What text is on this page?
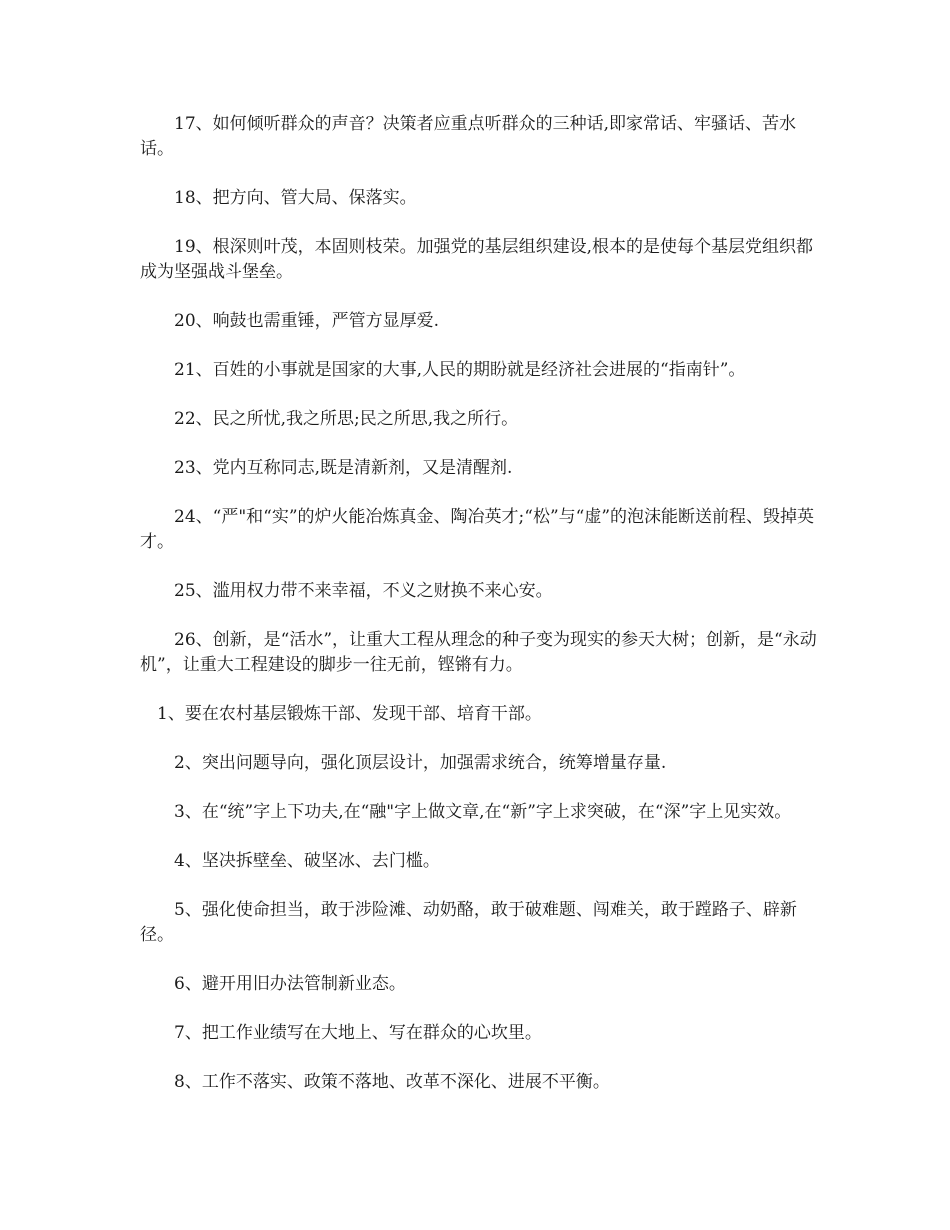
17、如何倾听群众的声音？决策者应重点听群众的三种话,即家常话、牢骚话、苦水话。

18、把方向、管大局、保落实。

19、根深则叶茂，本固则枝荣。加强党的基层组织建设,根本的是使每个基层党组织都成为坚强战斗堡垒。

20、响鼓也需重锤，严管方显厚爱.

21、百姓的小事就是国家的大事,人民的期盼就是经济社会进展的“指南针”。

22、民之所忧,我之所思;民之所思,我之所行。

23、党内互称同志,既是清新剂，又是清醒剂.

24、“严"和“实”的炉火能冶炼真金、陶冶英才;“松”与“虚”的泡沫能断送前程、毁掉英才。

25、滥用权力带不来幸福，不义之财换不来心安。

26、创新，是“活水”，让重大工程从理念的种子变为现实的参天大树；创新，是“永动机”，让重大工程建设的脚步一往无前，铿锵有力。

1、要在农村基层锻炼干部、发现干部、培育干部。

2、突出问题导向，强化顶层设计，加强需求统合，统筹增量存量.

3、在“统”字上下功夫,在“融"字上做文章,在“新”字上求突破，在“深”字上见实效。

4、坚决拆壁垒、破坚冰、去门槛。

5、强化使命担当，敢于涉险滩、动奶酪，敢于破难题、闯难关，敢于蹚路子、辟新径。

6、避开用旧办法管制新业态。

7、把工作业绩写在大地上、写在群众的心坎里。

8、工作不落实、政策不落地、改革不深化、进展不平衡。
